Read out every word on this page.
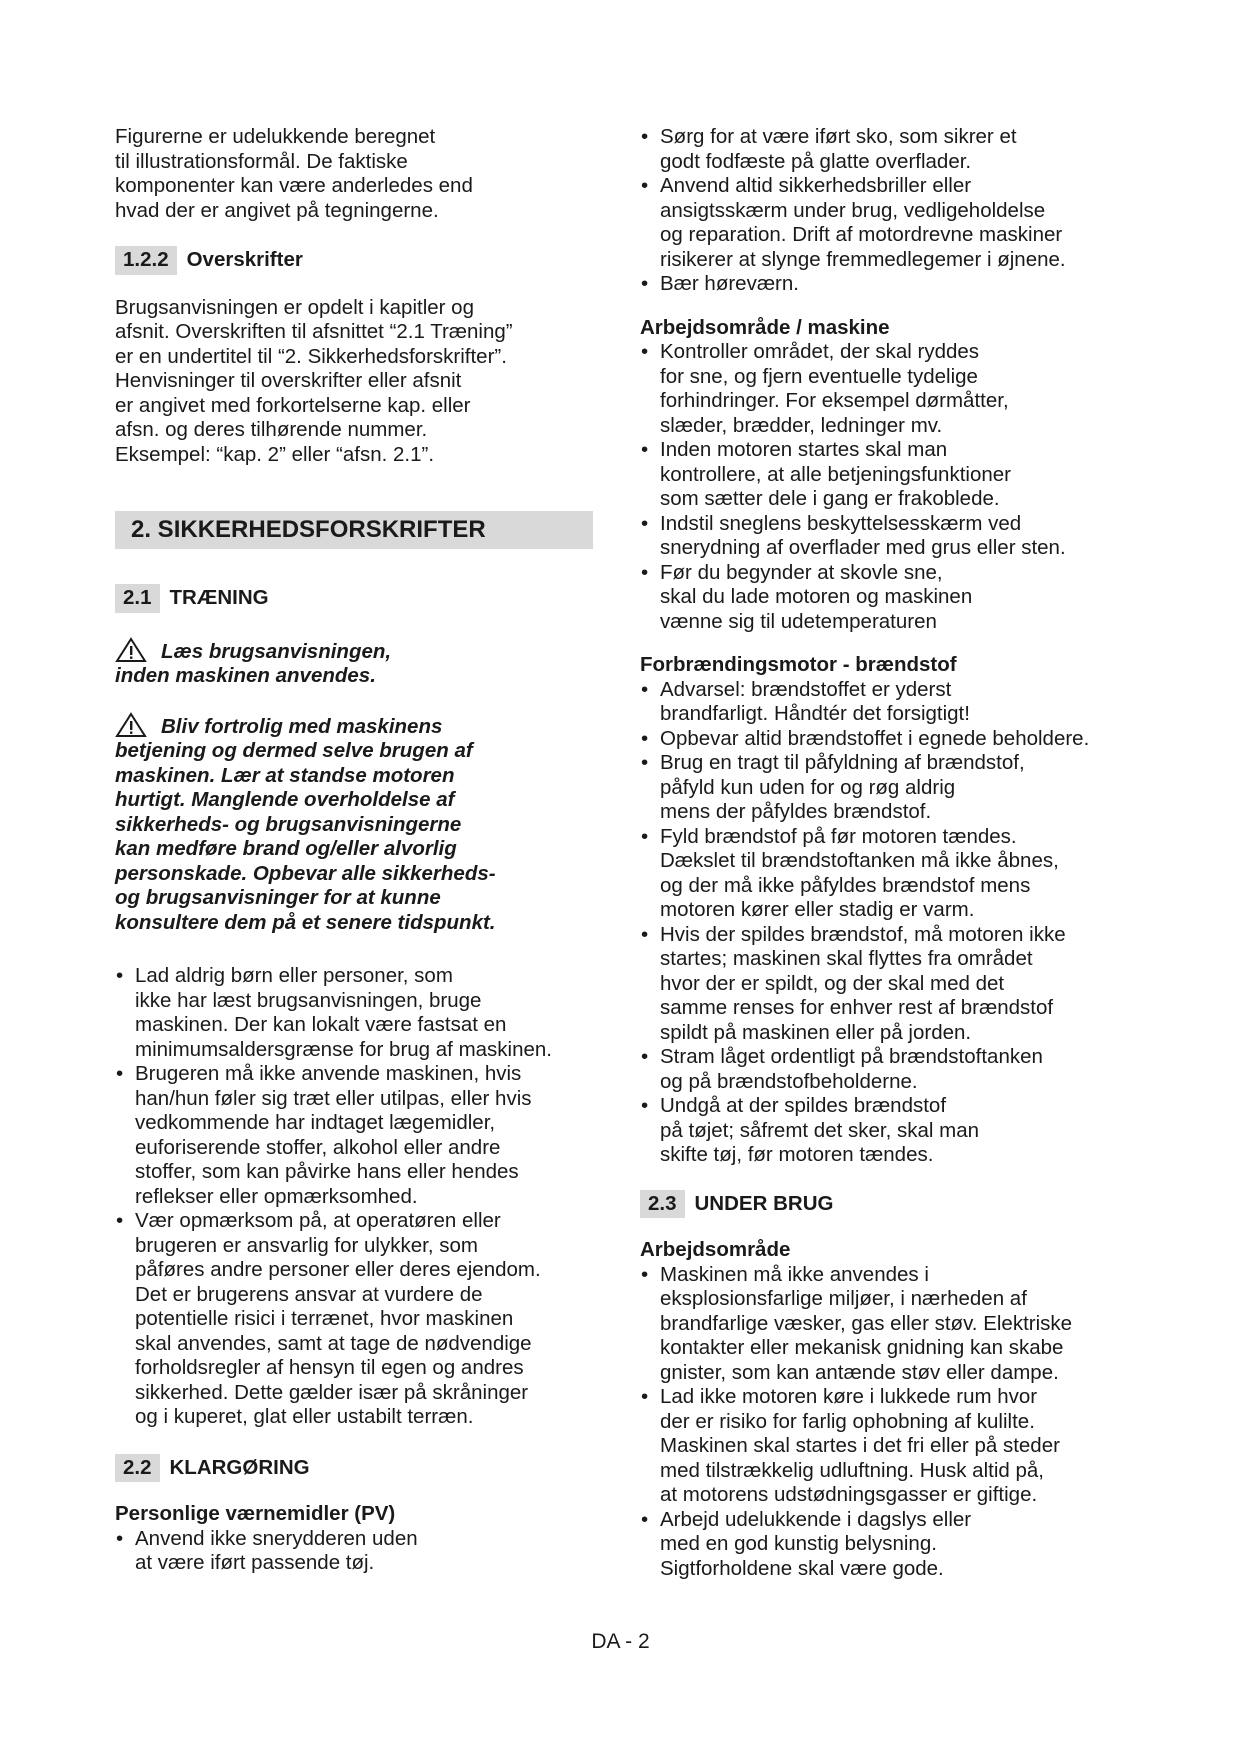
Figurerne er udelukkende beregnet
til illustrationsformål. De faktiske
komponenter kan være anderledes end
hvad der er angivet på tegningerne.

1.2.2 Overskrifter

Brugsanvisningen er opdelt i kapitler og
afsnit. Overskriften til afsnittet “2.1 Træning”
er en undertitel til “2. Sikkerhedsforskrifter”.
Henvisninger til overskrifter eller afsnit
er angivet med forkortelserne kap. eller
afsn. og deres tilhørende nummer.
Eksempel: “kap. 2” eller “afsn. 2.1”.

2. SIKKERHEDSFORSKRIFTER
2.1 TRÆNING
Læs brugsanvisningen,
inden maskinen anvendes.
Bliv fortrolig med maskinens
betjening og dermed selve brugen af
maskinen. Lær at standse motoren
hurtigt. Manglende overholdelse af
sikkerheds- og brugsanvisningerne
kan medføre brand og/eller alvorlig
personskade. Opbevar alle sikkerheds-
og brugsanvisninger for at kunne
konsultere dem på et senere tidspunkt.
• Lad aldrig børn eller personer, som
ikke har læst brugsanvisningen, bruge
maskinen. Der kan lokalt være fastsat en
minimumsaldersgrænse for brug af maskinen.
• Brugeren må ikke anvende maskinen, hvis
han/hun føler sig træt eller utilpas, eller hvis
vedkommende har indtaget lægemidler,
euforiserende stoffer, alkohol eller andre
stoffer, som kan påvirke hans eller hendes
reflekser eller opmærksomhed.
• Vær opmærksom på, at operatøren eller
brugeren er ansvarlig for ulykker, som
påføres andre personer eller deres ejendom.
Det er brugerens ansvar at vurdere de
potentielle risici i terrænet, hvor maskinen
skal anvendes, samt at tage de nødvendige
forholdsregler af hensyn til egen og andres
sikkerhed. Dette gælder især på skråninger
og i kuperet, glat eller ustabilt terræn.
2.2 KLARGØRING
Personlige værnemidler (PV)
• Anvend ikke snerydderen uden
at være iført passende tøj.
• Sørg for at være iført sko, som sikrer et
godt fodfæste på glatte overflader.
• Anvend altid sikkerhedsbriller eller
ansigtsskærm under brug, vedligeholdelse
og reparation. Drift af motordrevne maskiner
risikerer at slynge fremmedlegemer i øjnene.
• Bær høreværn.
Arbejdsområde / maskine
• Kontroller området, der skal ryddes
for sne, og fjern eventuelle tydelige
forhindringer. For eksempel dørmåtter,
slæder, brædder, ledninger mv.
• Inden motoren startes skal man
kontrollere, at alle betjeningsfunktioner
som sætter dele i gang er frakoblede.
• Indstil sneglens beskyttelsesskærm ved
snerydning af overflader med grus eller sten.
• Før du begynder at skovle sne,
skal du lade motoren og maskinen
vænne sig til udetemperaturen
Forbrændingsmotor - brændstof
• Advarsel: brændstoffet er yderst
brandfarligt. Håndtér det forsigtigt!
• Opbevar altid brændstoffet i egnede beholdere.
• Brug en tragt til påfyldning af brændstof,
påfyld kun uden for og røg aldrig
mens der påfyldes brændstof.
• Fyld brændstof på før motoren tændes.
Dækslet til brændstoftanken må ikke åbnes,
og der må ikke påfyldes brændstof mens
motoren kører eller stadig er varm.
• Hvis der spildes brændstof, må motoren ikke
startes; maskinen skal flyttes fra området
hvor der er spildt, og der skal med det
samme renses for enhver rest af brændstof
spildt på maskinen eller på jorden.
• Stram låget ordentligt på brændstoftanken
og på brændstofbeholderne.
• Undgå at der spildes brændstof
på tøjet; såfremt det sker, skal man
skifte tøj, før motoren tændes.
2.3 UNDER BRUG
Arbejdsområde
• Maskinen må ikke anvendes i
eksplosionsfarlige miljøer, i nærheden af
brandfarlige væsker, gas eller støv. Elektriske
kontakter eller mekanisk gnidning kan skabe
gnister, som kan antænde støv eller dampe.
• Lad ikke motoren køre i lukkede rum hvor
der er risiko for farlig ophobning af kulilte.
Maskinen skal startes i det fri eller på steder
med tilstrækkelig udluftning. Husk altid på,
at motorens udstødningsgasser er giftige.
• Arbejd udelukkende i dagslys eller
med en god kunstig belysning.
Sigtforholdene skal være gode.
DA - 2
